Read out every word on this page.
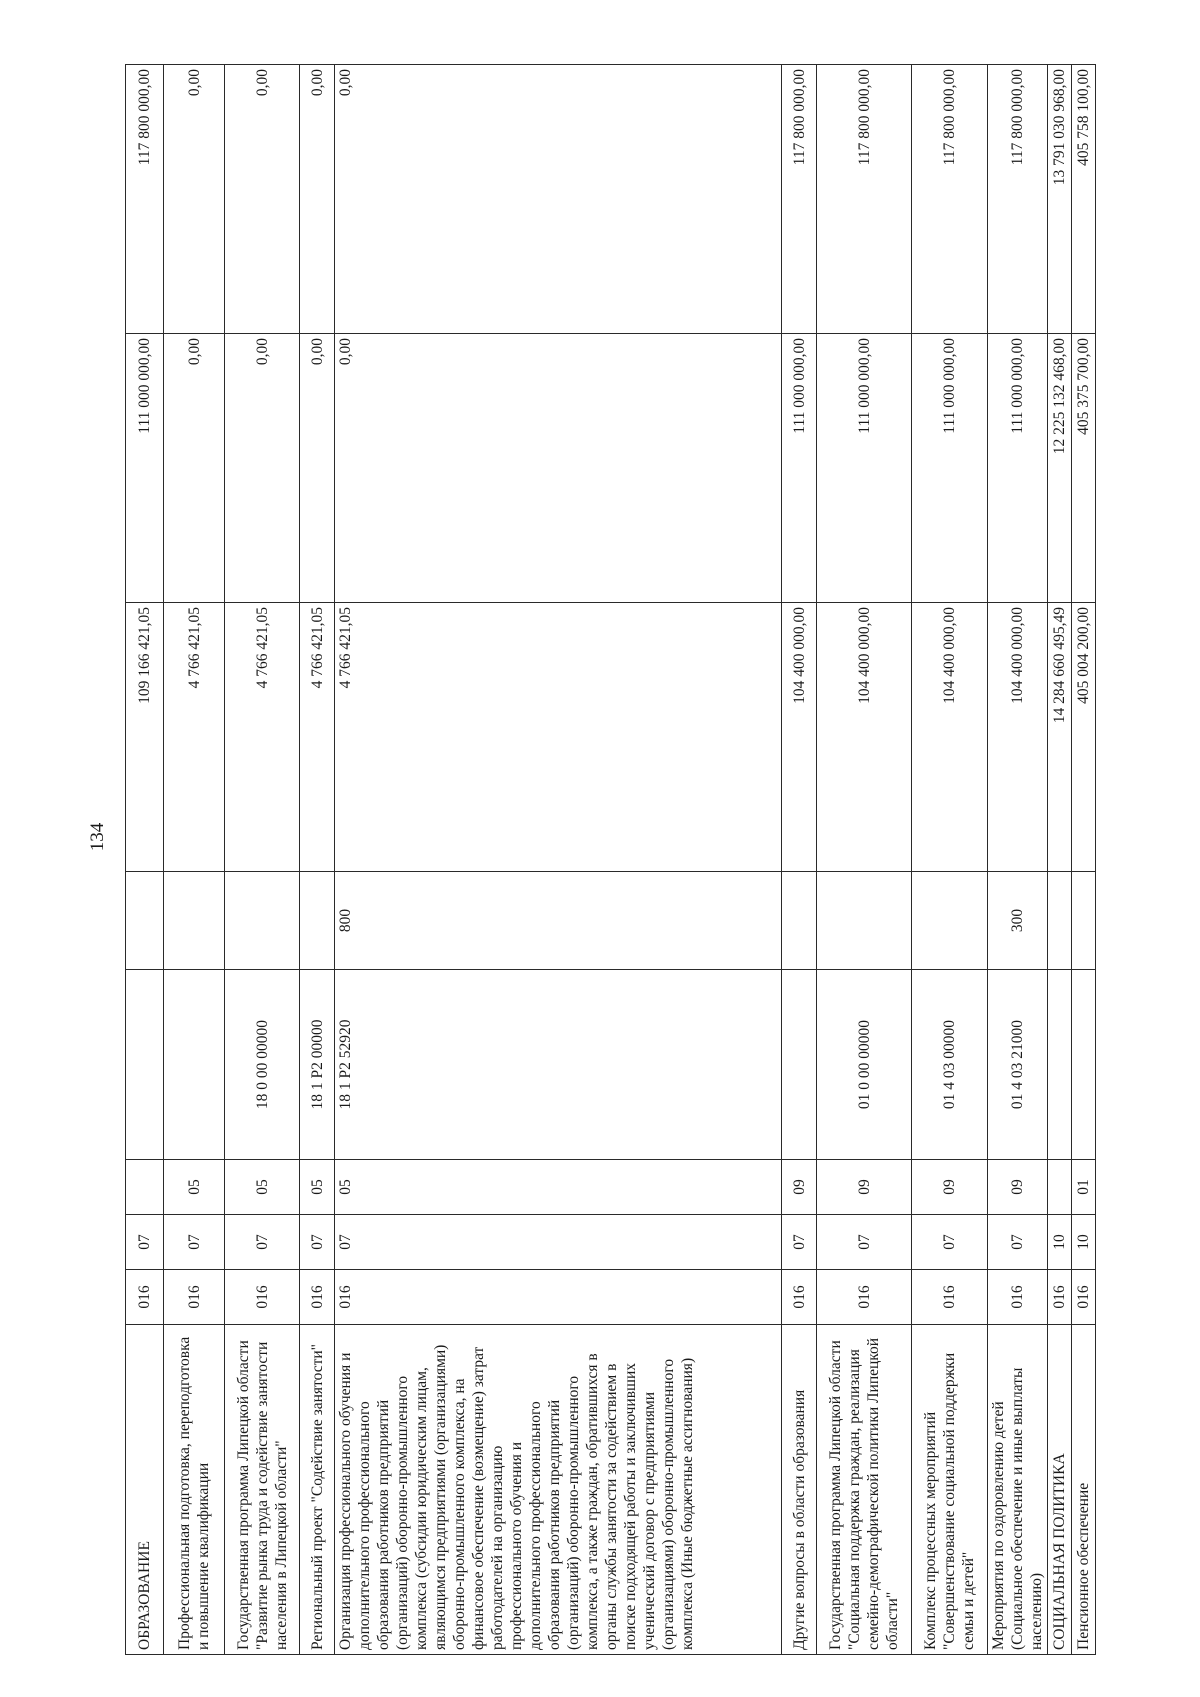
134
ОБРАЗОВАНИЕ	016	07				109 166 421,05	111 000 000,00	117 800 000,00
Профессиональная подготовка, переподготовка и повышение квалификации	016	07	05			4 766 421,05	0,00	0,00
Государственная программа Липецкой области "Развитие рынка труда и содействие занятости населения в Липецкой области"	016	07	05	18 0 00 00000		4 766 421,05	0,00	0,00
Региональный проект "Содействие занятости"	016	07	05	18 1 P2 00000		4 766 421,05	0,00	0,00
Организация профессионального обучения и дополнительного профессионального образования работников предприятий (организаций) оборонно-промышленного комплекса (субсидии юридическим лицам, являющимся предприятиями (организациями) оборонно-промышленного комплекса, на финансовое обеспечение (возмещение) затрат работодателей на организацию профессионального обучения и дополнительного профессионального образования работников предприятий (организаций) оборонно-промышленного комплекса, а также граждан, обратившихся в органы службы занятости за содействием в поиске подходящей работы и заключивших ученический договор с предприятиями (организациями) оборонно-промышленного комплекса (Иные бюджетные ассигнования)	016	07	05	18 1 P2 52920	800	4 766 421,05	0,00	0,00
Другие вопросы в области образования	016	07	09			104 400 000,00	111 000 000,00	117 800 000,00
Государственная программа Липецкой области "Социальная поддержка граждан, реализация семейно-демографической политики Липецкой области"	016	07	09	01 0 00 00000		104 400 000,00	111 000 000,00	117 800 000,00
Комплекс процессных мероприятий "Совершенствование социальной поддержки семьи и детей"	016	07	09	01 4 03 00000		104 400 000,00	111 000 000,00	117 800 000,00
Мероприятия по оздоровлению детей (Социальное обеспечение и иные выплаты населению)	016	07	09	01 4 03 21000	300	104 400 000,00	111 000 000,00	117 800 000,00
СОЦИАЛЬНАЯ ПОЛИТИКА	016	10				14 284 660 495,49	12 225 132 468,00	13 791 030 968,00
Пенсионное обеспечение	016	10	01			405 004 200,00	405 375 700,00	405 758 100,00
